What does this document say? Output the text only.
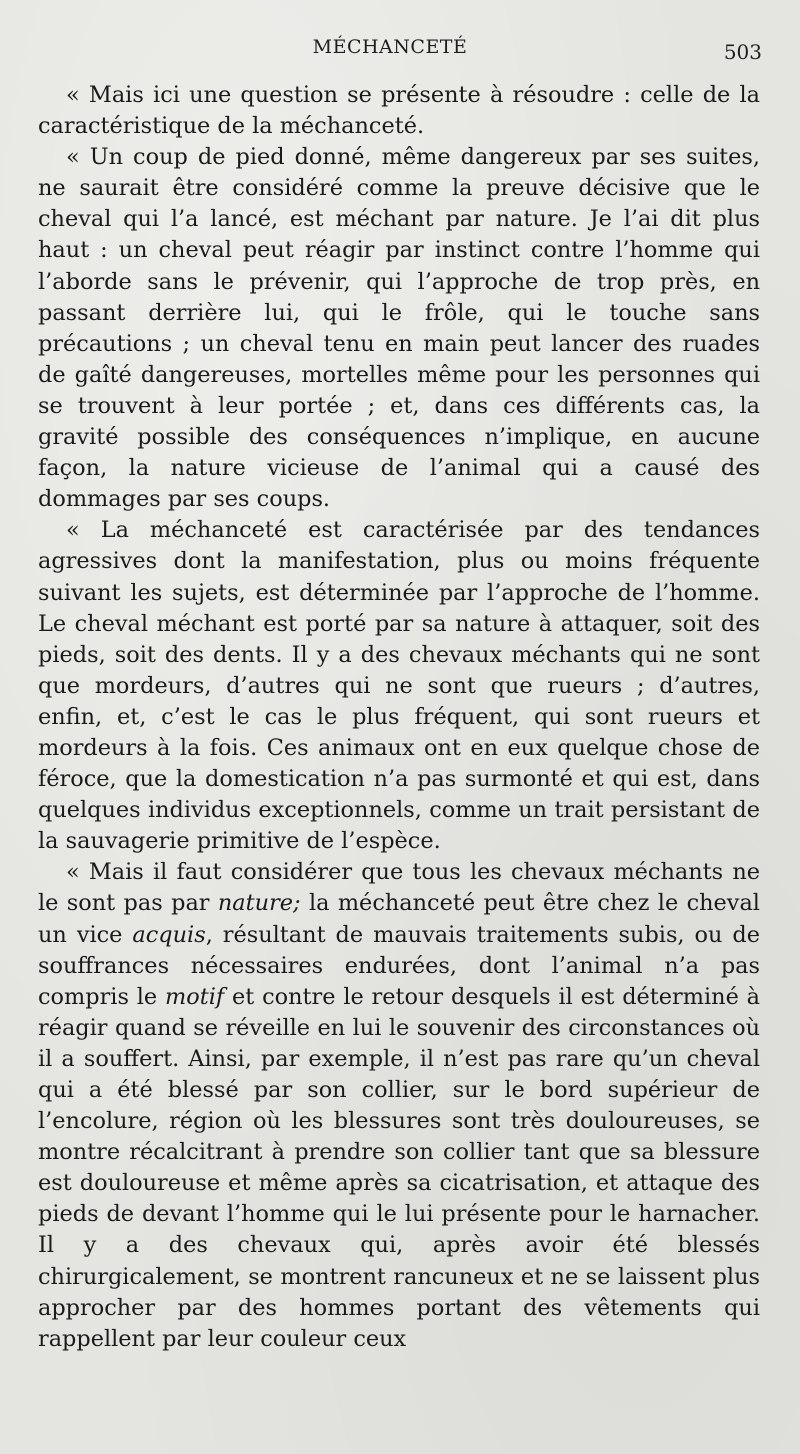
MÉCHANCETÉ	503

« Mais ici une question se présente à résoudre : celle de la caractéristique de la méchanceté.

« Un coup de pied donné, même dangereux par ses suites, ne saurait être considéré comme la preuve décisive que le cheval qui l’a lancé, est méchant par nature. Je l’ai dit plus haut : un cheval peut réagir par instinct contre l’homme qui l’aborde sans le prévenir, qui l’approche de trop près, en passant derrière lui, qui le frôle, qui le touche sans précautions ; un cheval tenu en main peut lancer des ruades de gaîté dangereuses, mortelles même pour les personnes qui se trouvent à leur portée ; et, dans ces différents cas, la gravité possible des conséquences n’implique, en aucune façon, la nature vicieuse de l’animal qui a causé des dommages par ses coups.

« La méchanceté est caractérisée par des tendances agressives dont la manifestation, plus ou moins fréquente suivant les sujets, est déterminée par l’approche de l’homme. Le cheval méchant est porté par sa nature à attaquer, soit des pieds, soit des dents. Il y a des chevaux méchants qui ne sont que mordeurs, d’autres qui ne sont que rueurs ; d’autres, enfin, et, c’est le cas le plus fréquent, qui sont rueurs et mordeurs à la fois. Ces animaux ont en eux quelque chose de féroce, que la domestication n’a pas surmonté et qui est, dans quelques individus exceptionnels, comme un trait persistant de la sauvagerie primitive de l’espèce.

« Mais il faut considérer que tous les chevaux méchants ne le sont pas par nature; la méchanceté peut être chez le cheval un vice acquis, résultant de mauvais traitements subis, ou de souffrances nécessaires endurées, dont l’animal n’a pas compris le motif et contre le retour desquels il est déterminé à réagir quand se réveille en lui le souvenir des circonstances où il a souffert. Ainsi, par exemple, il n’est pas rare qu’un cheval qui a été blessé par son collier, sur le bord supérieur de l’encolure, région où les blessures sont très douloureuses, se montre récalcitrant à prendre son collier tant que sa blessure est douloureuse et même après sa cicatrisation, et attaque des pieds de devant l’homme qui le lui présente pour le harnacher. Il y a des chevaux qui, après avoir été blessés chirurgicalement, se montrent rancuneux et ne se laissent plus approcher par des hommes portant des vêtements qui rappellent par leur couleur ceux
